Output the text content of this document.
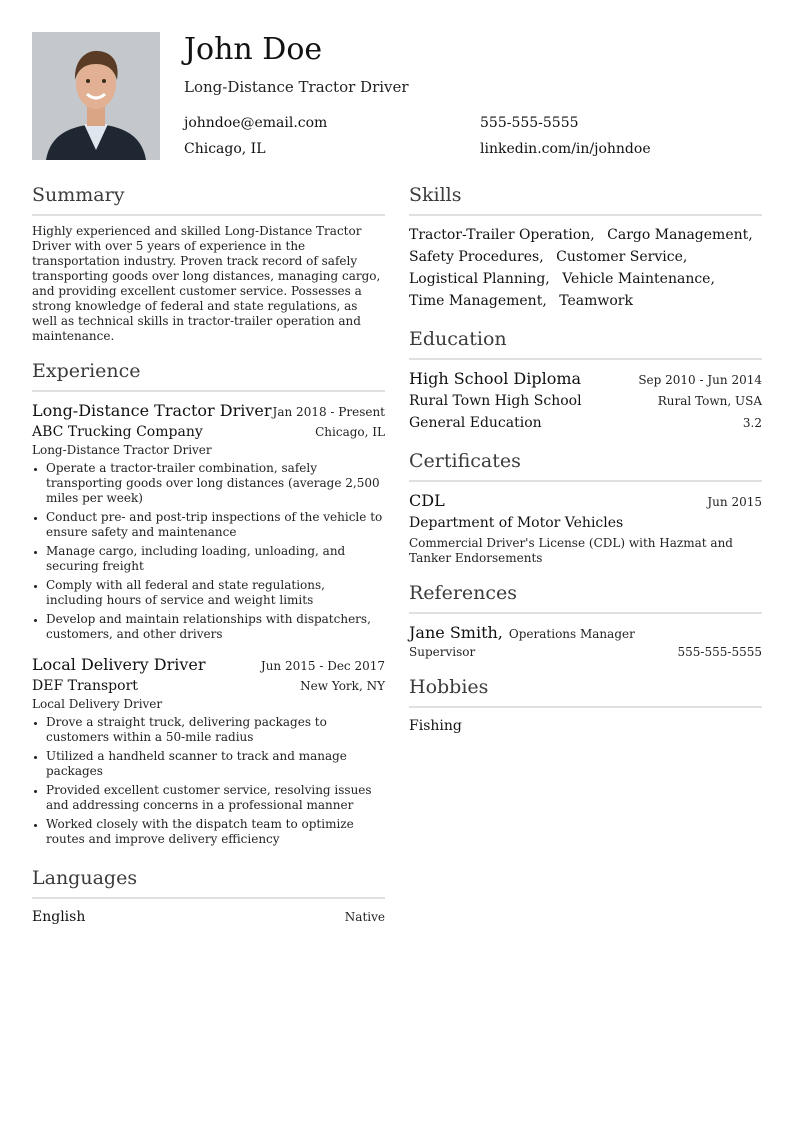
John Doe
Long-Distance Tractor Driver
johndoe@email.com	555-555-5555
Chicago, IL	linkedin.com/in/johndoe
Summary

Highly experienced and skilled Long-Distance Tractor Driver with over 5 years of experience in the transportation industry. Proven track record of safely transporting goods over long distances, managing cargo, and providing excellent customer service. Possesses a strong knowledge of federal and state regulations, as well as technical skills in tractor-trailer operation and maintenance.

Experience
Long-Distance Tractor Driver Jan 2018 - Present
ABC Trucking Company	Chicago, IL
Long-Distance Tractor Driver
Operate a tractor-trailer combination, safely transporting goods over long distances (average 2,500 miles per week)
Conduct pre- and post-trip inspections of the vehicle to ensure safety and maintenance
Manage cargo, including loading, unloading, and securing freight
Comply with all federal and state regulations, including hours of service and weight limits
Develop and maintain relationships with dispatchers, customers, and other drivers
Local Delivery Driver	Jun 2015 - Dec 2017
DEF Transport	New York, NY
Local Delivery Driver
Drove a straight truck, delivering packages to customers within a 50-mile radius
Utilized a handheld scanner to track and manage packages
Provided excellent customer service, resolving issues and addressing concerns in a professional manner
Worked closely with the dispatch team to optimize routes and improve delivery efficiency
Languages
English	Native
Skills
Tractor-Trailer Operation, Cargo Management,
Safety Procedures, Customer Service,
Logistical Planning, Vehicle Maintenance,
Time Management, Teamwork
Education
High School Diploma	Sep 2010 - Jun 2014
Rural Town High School	Rural Town, USA
General Education	3.2
Certificates
CDL	Jun 2015
Department of Motor Vehicles
Commercial Driver's License (CDL) with Hazmat and Tanker Endorsements
References
Jane Smith, Operations Manager
Supervisor	555-555-5555
Hobbies
Fishing
